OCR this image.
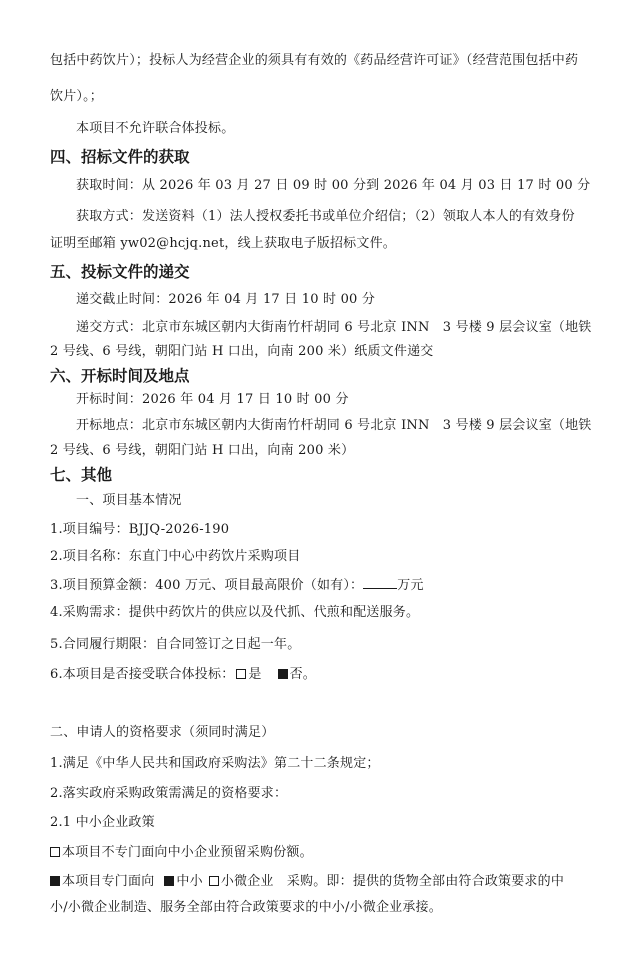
包括中药饮片）；投标人为经营企业的须具有有效的《药品经营许可证》（经营范围包括中药
饮片）。；
本项目不允许联合体投标。
四、招标文件的获取
获取时间：从 2026 年 03 月 27 日 09 时 00 分到 2026 年 04 月 03 日 17 时 00 分
获取方式：发送资料（1）法人授权委托书或单位介绍信；（2）领取人本人的有效身份
证明至邮箱 yw02@hcjq.net，线上获取电子版招标文件。
五、投标文件的递交
递交截止时间：2026 年 04 月 17 日 10 时 00 分
递交方式：北京市东城区朝内大街南竹杆胡同 6 号北京 INN　3 号楼 9 层会议室（地铁
2 号线、6 号线，朝阳门站 H 口出，向南 200 米）纸质文件递交
六、开标时间及地点
开标时间：2026 年 04 月 17 日 10 时 00 分
开标地点：北京市东城区朝内大街南竹杆胡同 6 号北京 INN　3 号楼 9 层会议室（地铁
2 号线、6 号线，朝阳门站 H 口出，向南 200 米）
七、其他
一、项目基本情况
1.项目编号：BJJQ-2026-190
2.项目名称：东直门中心中药饮片采购项目
3.项目预算金额：400 万元、项目最高限价（如有）：	万元
4.采购需求：提供中药饮片的供应以及代抓、代煎和配送服务。
5.合同履行期限：自合同签订之日起一年。
6.本项目是否接受联合体投标： 是 否。
二、申请人的资格要求（须同时满足）
1.满足《中华人民共和国政府采购法》第二十二条规定；
2.落实政府采购政策需满足的资格要求：
2.1 中小企业政策
本项目不专门面向中小企业预留采购份额。
本项目专门面向 中小 小微企业　采购。即：提供的货物全部由符合政策要求的中
小/小微企业制造、服务全部由符合政策要求的中小/小微企业承接。
